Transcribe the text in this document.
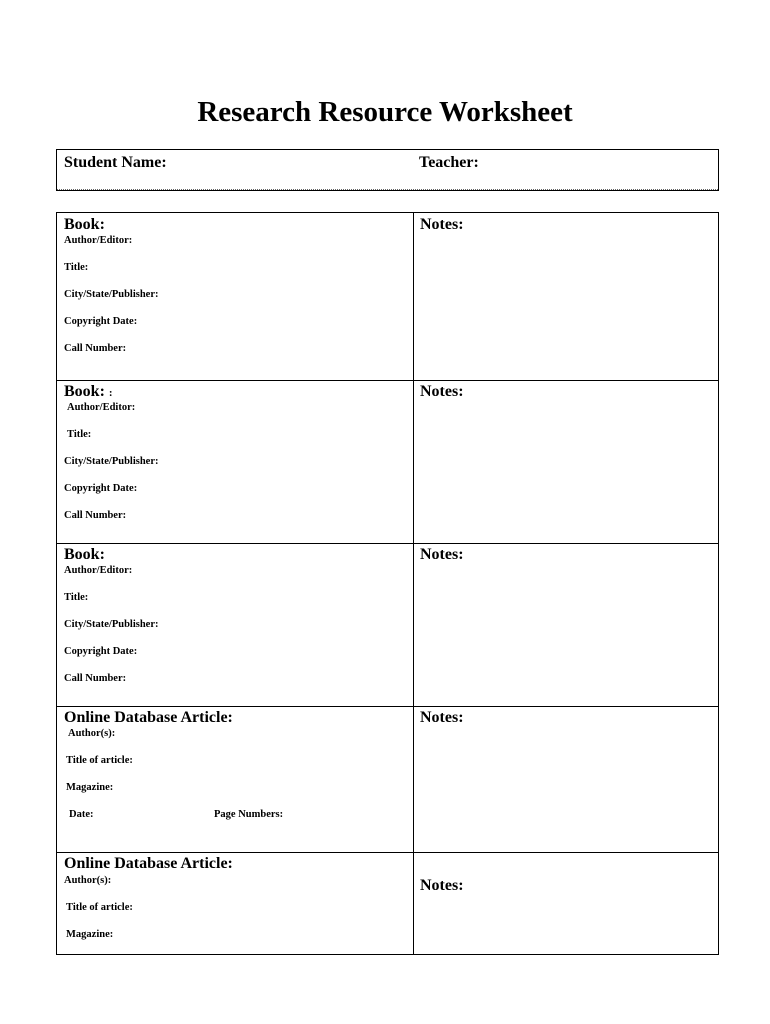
Research Resource Worksheet
Student Name:	Teacher:
Book:
Author/Editor:
Title:
City/State/Publisher:
Copyright Date:
Call Number:
Notes:
Book: :
Author/Editor:
Title:
City/State/Publisher:
Copyright Date:
Call Number:
Notes:
Book:
Author/Editor:
Title:
City/State/Publisher:
Copyright Date:
Call Number:
Notes:
Online Database Article:
Author(s):
Title of article:
Magazine:
Date:	Page Numbers:
Notes:
Online Database Article:
Author(s):
Title of article:
Magazine:
Notes:
